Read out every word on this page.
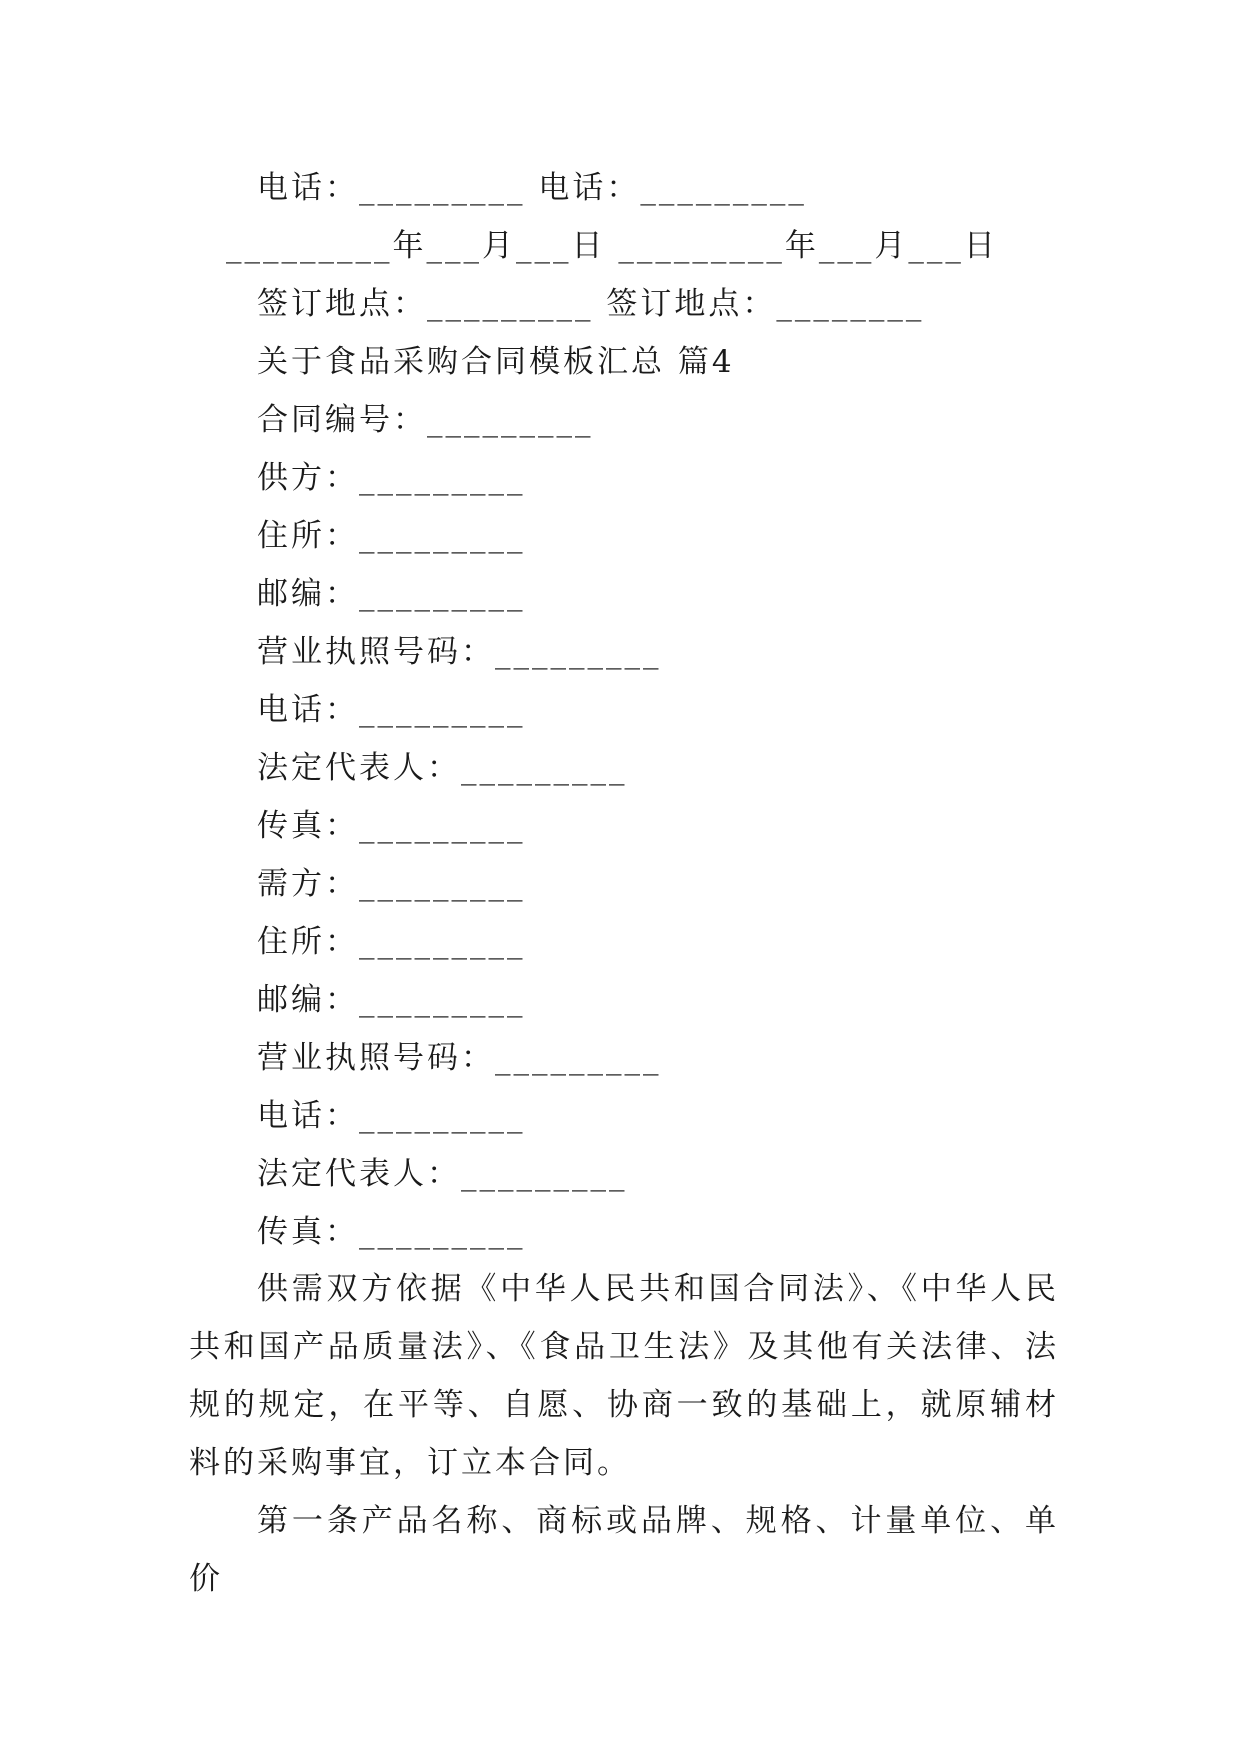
电话：_________ 电话：_________
_________年___月___日 _________年___月___日
签订地点：_________ 签订地点：________
关于食品采购合同模板汇总 篇4
合同编号：_________
供方：_________
住所：_________
邮编：_________
营业执照号码：_________
电话：_________
法定代表人：_________
传真：_________
需方：_________
住所：_________
邮编：_________
营业执照号码：_________
电话：_________
法定代表人：_________
传真：_________

供需双方依据《中华人民共和国合同法》、《中华人民共和国产品质量法》、《食品卫生法》及其他有关法律、法规的规定，在平等、自愿、协商一致的基础上，就原辅材料的采购事宜，订立本合同。

第一条产品名称、商标或品牌、规格、计量单位、单价
